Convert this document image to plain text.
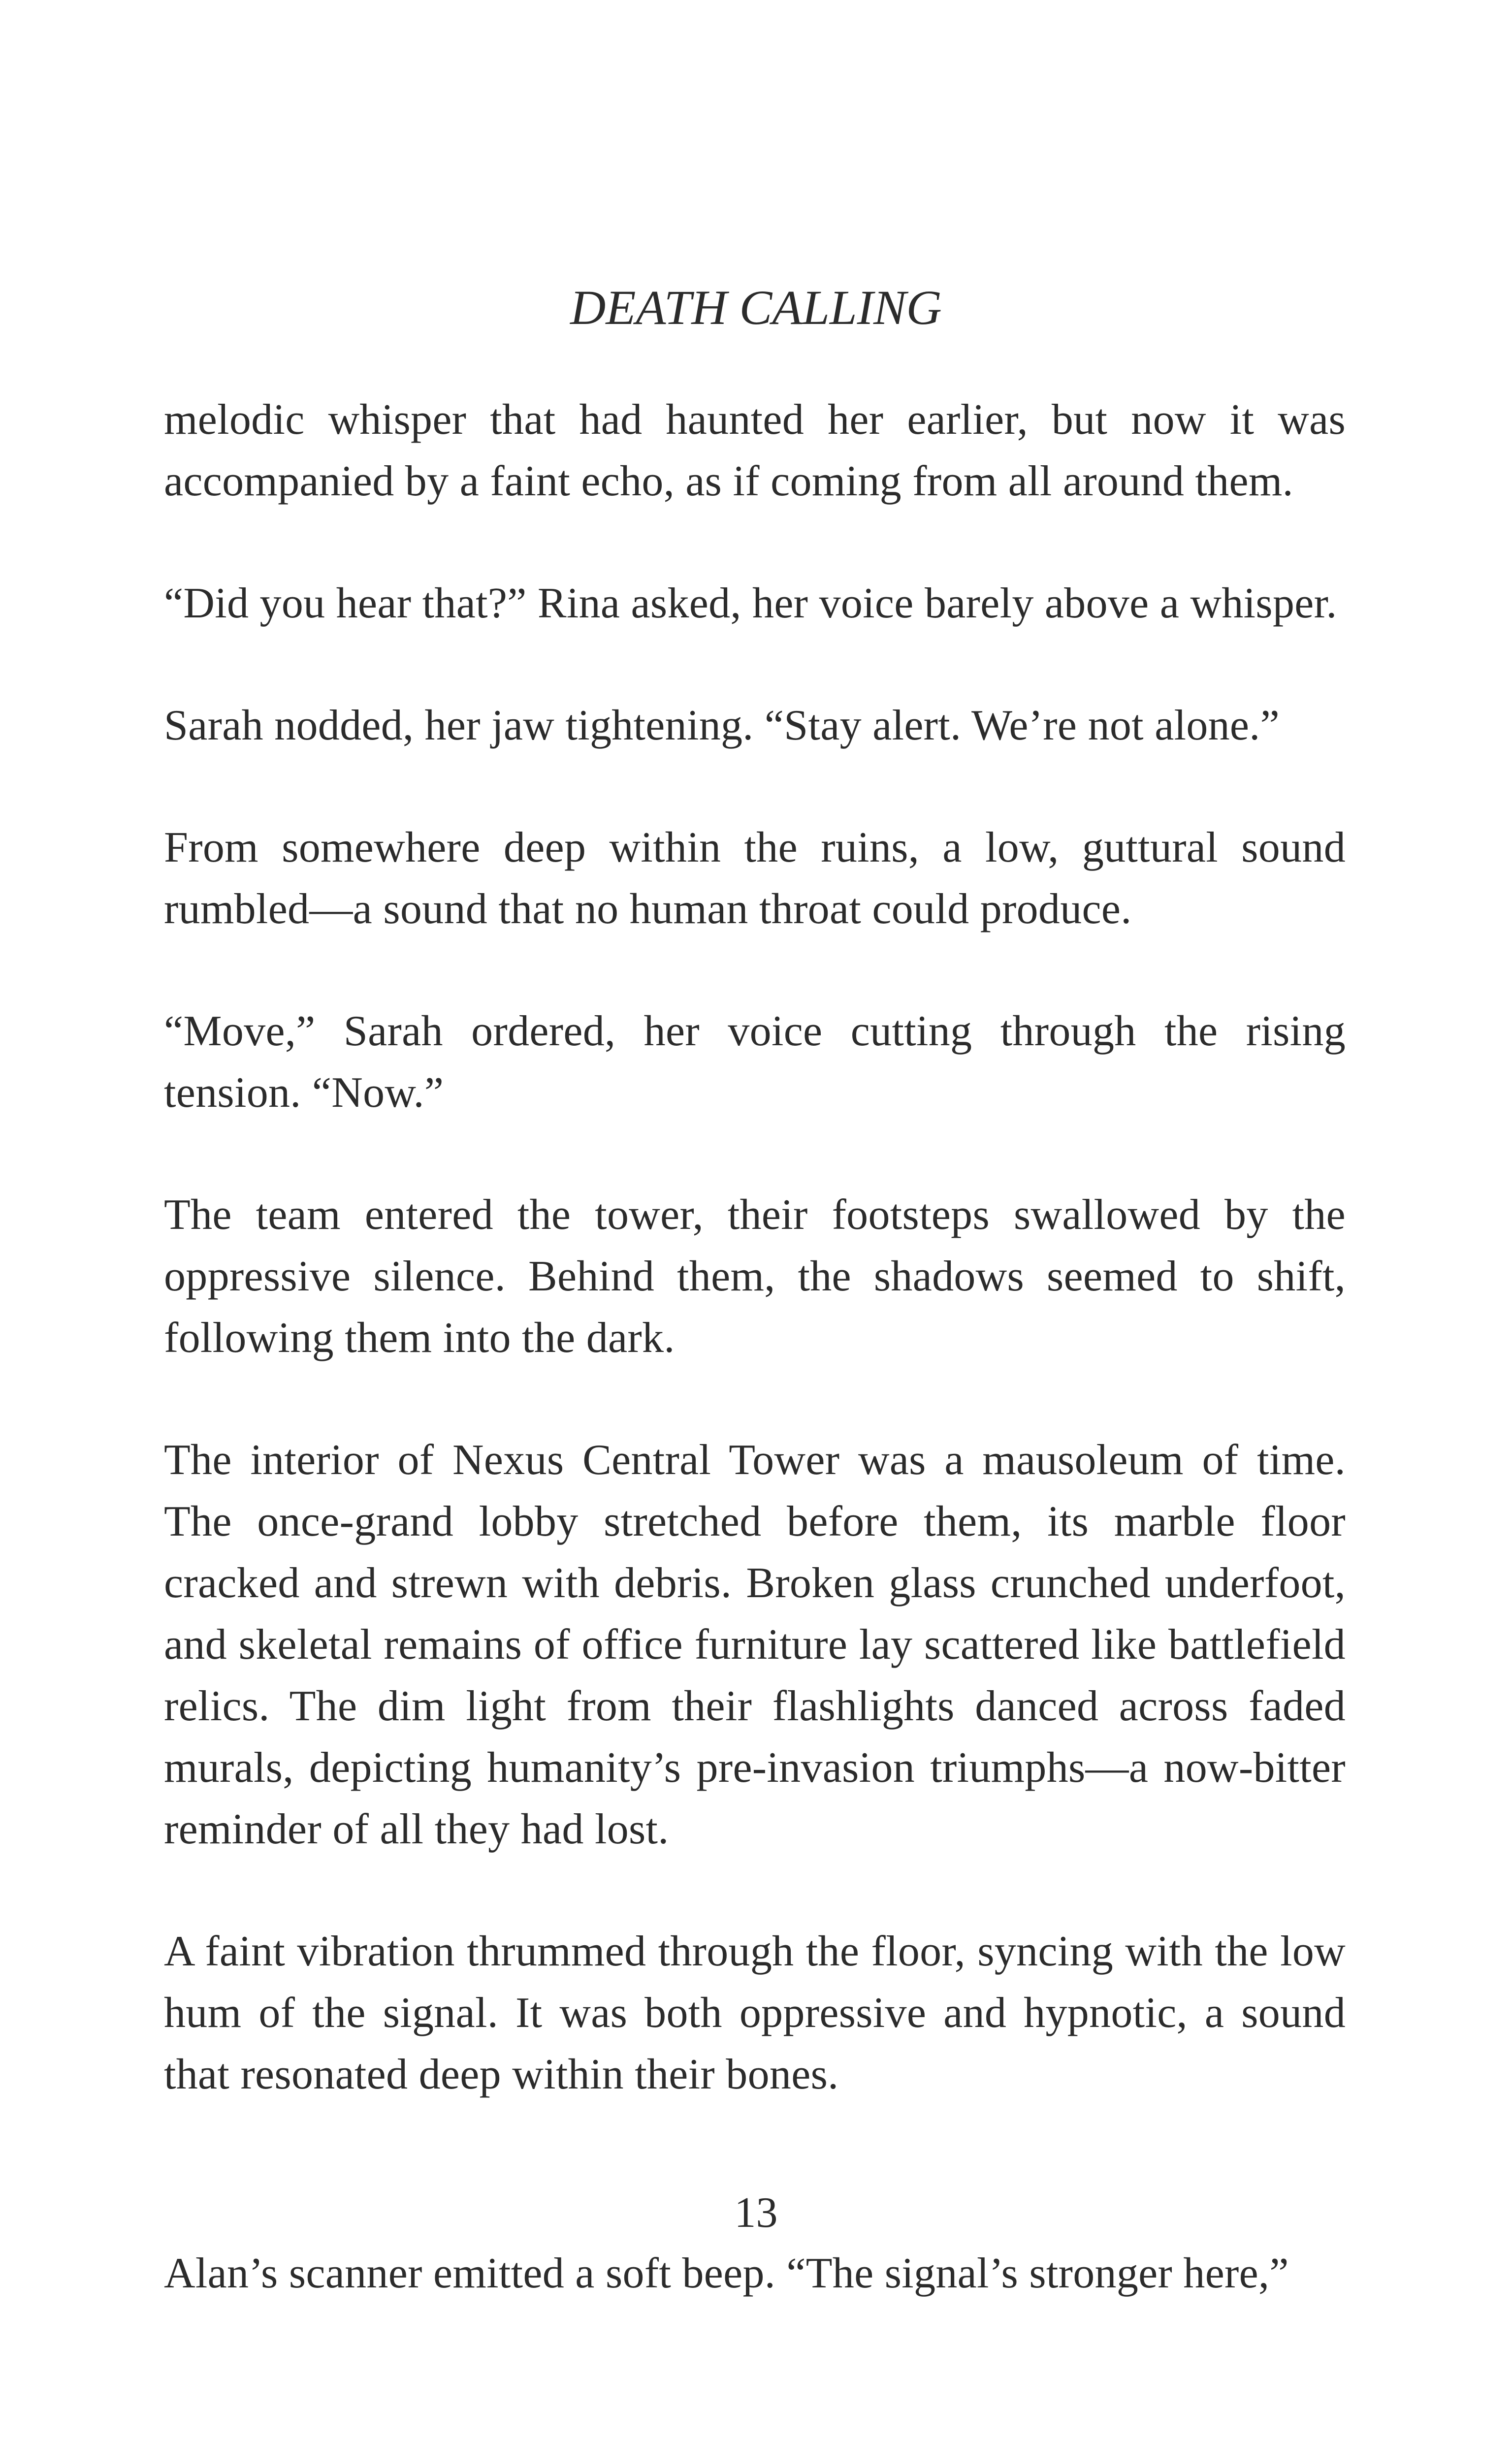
DEATH CALLING

melodic whisper that had haunted her earlier, but now it was accompanied by a faint echo, as if coming from all around them.

“Did you hear that?” Rina asked, her voice barely above a whisper.

Sarah nodded, her jaw tightening. “Stay alert. We’re not alone.”

From somewhere deep within the ruins, a low, guttural sound rumbled—a sound that no human throat could produce.

“Move,” Sarah ordered, her voice cutting through the rising tension. “Now.”

The team entered the tower, their footsteps swallowed by the oppressive silence. Behind them, the shadows seemed to shift, following them into the dark.

The interior of Nexus Central Tower was a mausoleum of time. The once-grand lobby stretched before them, its marble floor cracked and strewn with debris. Broken glass crunched underfoot, and skeletal remains of office furniture lay scattered like battlefield relics. The dim light from their flashlights danced across faded murals, depicting humanity’s pre-invasion triumphs—a now-bitter reminder of all they had lost.

A faint vibration thrummed through the floor, syncing with the low hum of the signal. It was both oppressive and hypnotic, a sound that resonated deep within their bones.

13
Alan’s scanner emitted a soft beep. “The signal’s stronger here,”
